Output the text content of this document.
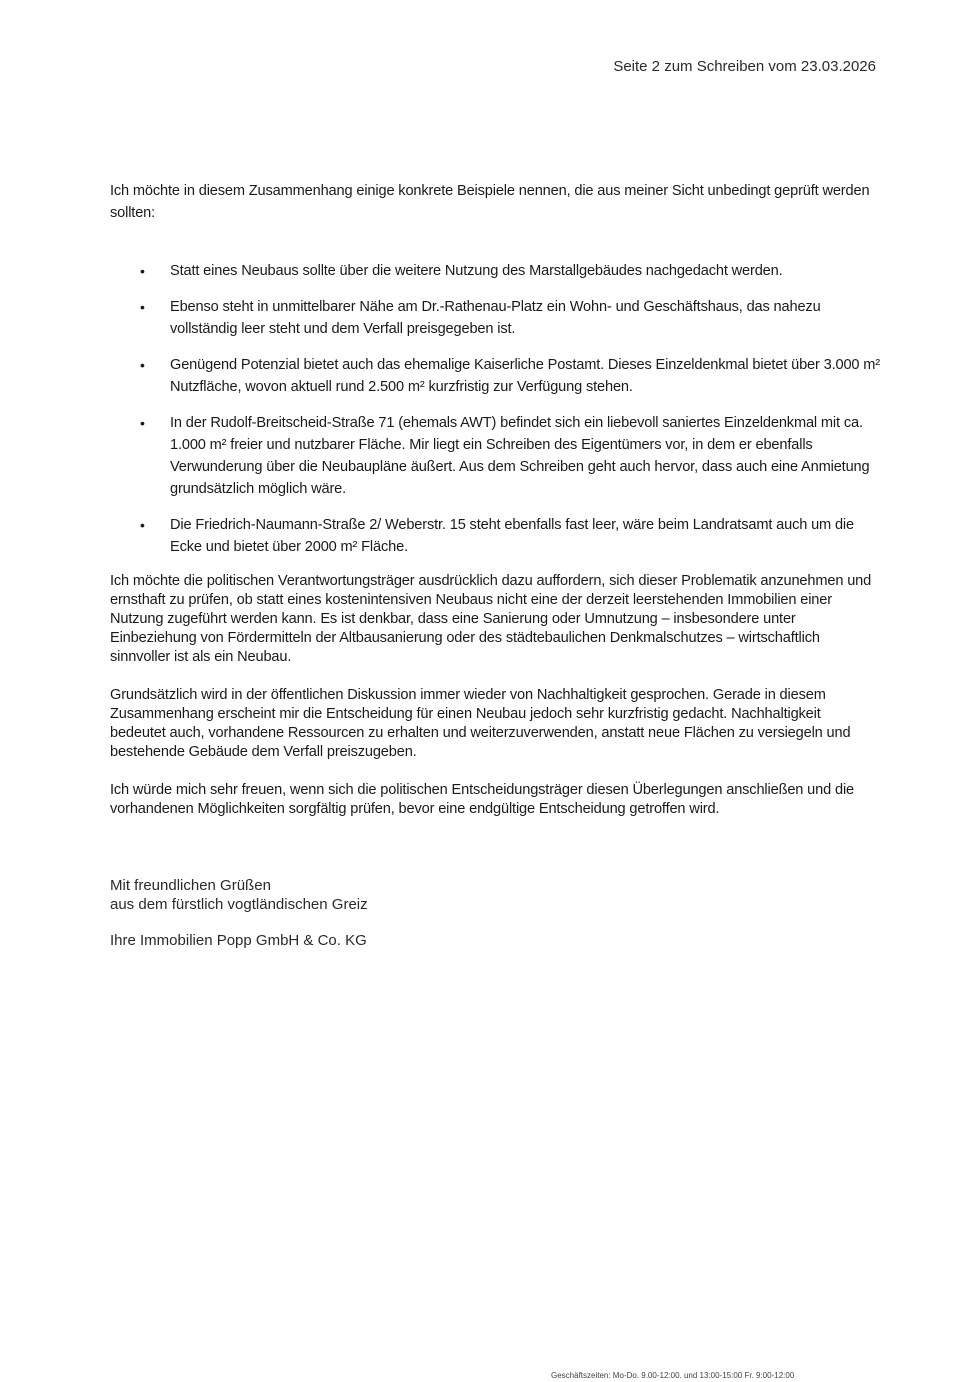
Seite 2 zum Schreiben vom 23.03.2026
Ich möchte in diesem Zusammenhang einige konkrete Beispiele nennen, die aus meiner Sicht unbedingt geprüft werden sollten:
• Statt eines Neubaus sollte über die weitere Nutzung des Marstallgebäudes nachgedacht werden.
• Ebenso steht in unmittelbarer Nähe am Dr.-Rathenau-Platz ein Wohn- und Geschäftshaus, das nahezu vollständig leer steht und dem Verfall preisgegeben ist.
• Genügend Potenzial bietet auch das ehemalige Kaiserliche Postamt. Dieses Einzeldenkmal bietet über 3.000 m² Nutzfläche, wovon aktuell rund 2.500 m² kurzfristig zur Verfügung stehen.
• In der Rudolf-Breitscheid-Straße 71 (ehemals AWT) befindet sich ein liebevoll saniertes Einzeldenkmal mit ca. 1.000 m² freier und nutzbarer Fläche. Mir liegt ein Schreiben des Eigentümers vor, in dem er ebenfalls Verwunderung über die Neubaupläne äußert. Aus dem Schreiben geht auch hervor, dass auch eine Anmietung grundsätzlich möglich wäre.
• Die Friedrich-Naumann-Straße 2/ Weberstr. 15 steht ebenfalls fast leer, wäre beim Landratsamt auch um die Ecke und bietet über 2000 m² Fläche.

Ich möchte die politischen Verantwortungsträger ausdrücklich dazu auffordern, sich dieser Problematik anzunehmen und ernsthaft zu prüfen, ob statt eines kostenintensiven Neubaus nicht eine der derzeit leerstehenden Immobilien einer Nutzung zugeführt werden kann. Es ist denkbar, dass eine Sanierung oder Umnutzung – insbesondere unter Einbeziehung von Fördermitteln der Altbausanierung oder des städtebaulichen Denkmalschutzes – wirtschaftlich sinnvoller ist als ein Neubau.

Grundsätzlich wird in der öffentlichen Diskussion immer wieder von Nachhaltigkeit gesprochen. Gerade in diesem Zusammenhang erscheint mir die Entscheidung für einen Neubau jedoch sehr kurzfristig gedacht. Nachhaltigkeit bedeutet auch, vorhandene Ressourcen zu erhalten und weiterzuverwenden, anstatt neue Flächen zu versiegeln und bestehende Gebäude dem Verfall preiszugeben.

Ich würde mich sehr freuen, wenn sich die politischen Entscheidungsträger diesen Überlegungen anschließen und die vorhandenen Möglichkeiten sorgfältig prüfen, bevor eine endgültige Entscheidung getroffen wird.

Mit freundlichen Grüßen
aus dem fürstlich vogtländischen Greiz
Ihre Immobilien Popp GmbH & Co. KG
Geschäftszeiten: Mo-Do. 9.00-12:00. und 13:00-15:00 Fr. 9:00-12:00
